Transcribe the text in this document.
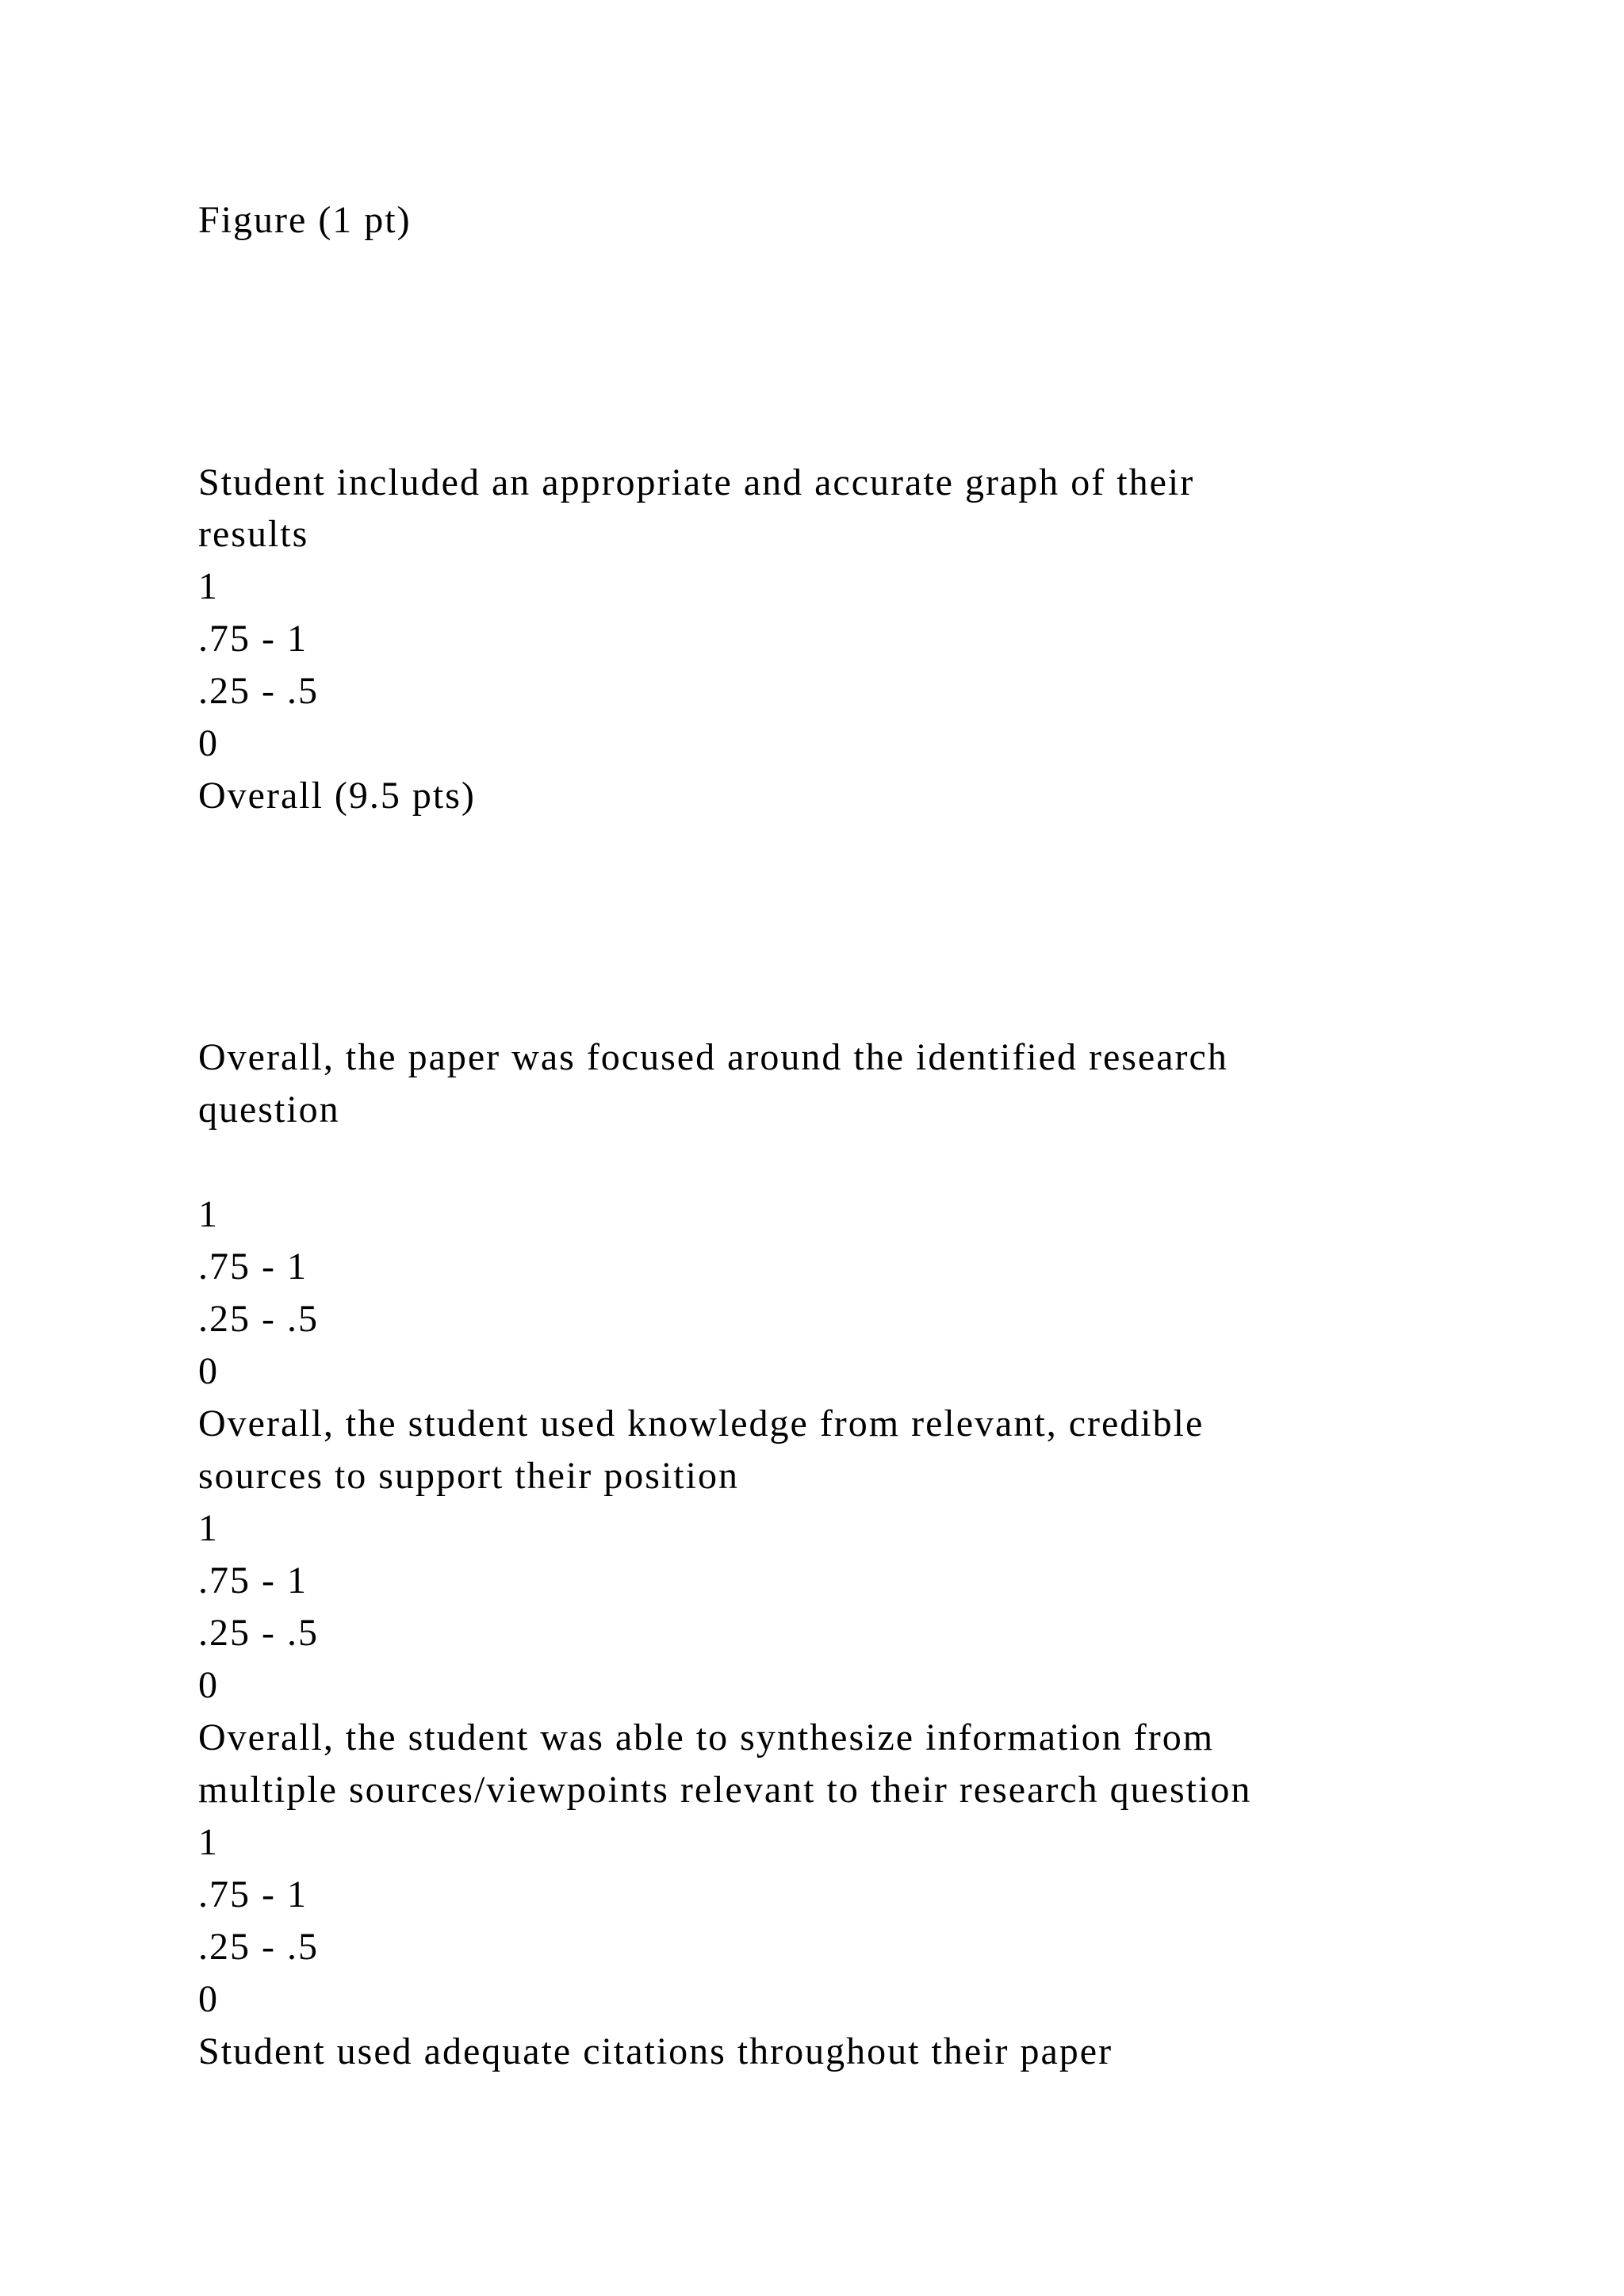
Figure (1 pt)
Student included an appropriate and accurate graph of their
results
1
.75 - 1
.25 - .5
0
Overall (9.5 pts)
Overall, the paper was focused around the identified research
question
1
.75 - 1
.25 - .5
0
Overall, the student used knowledge from relevant, credible
sources to support their position
1
.75 - 1
.25 - .5
0
Overall, the student was able to synthesize information from
multiple sources/viewpoints relevant to their research question
1
.75 - 1
.25 - .5
0
Student used adequate citations throughout their paper
